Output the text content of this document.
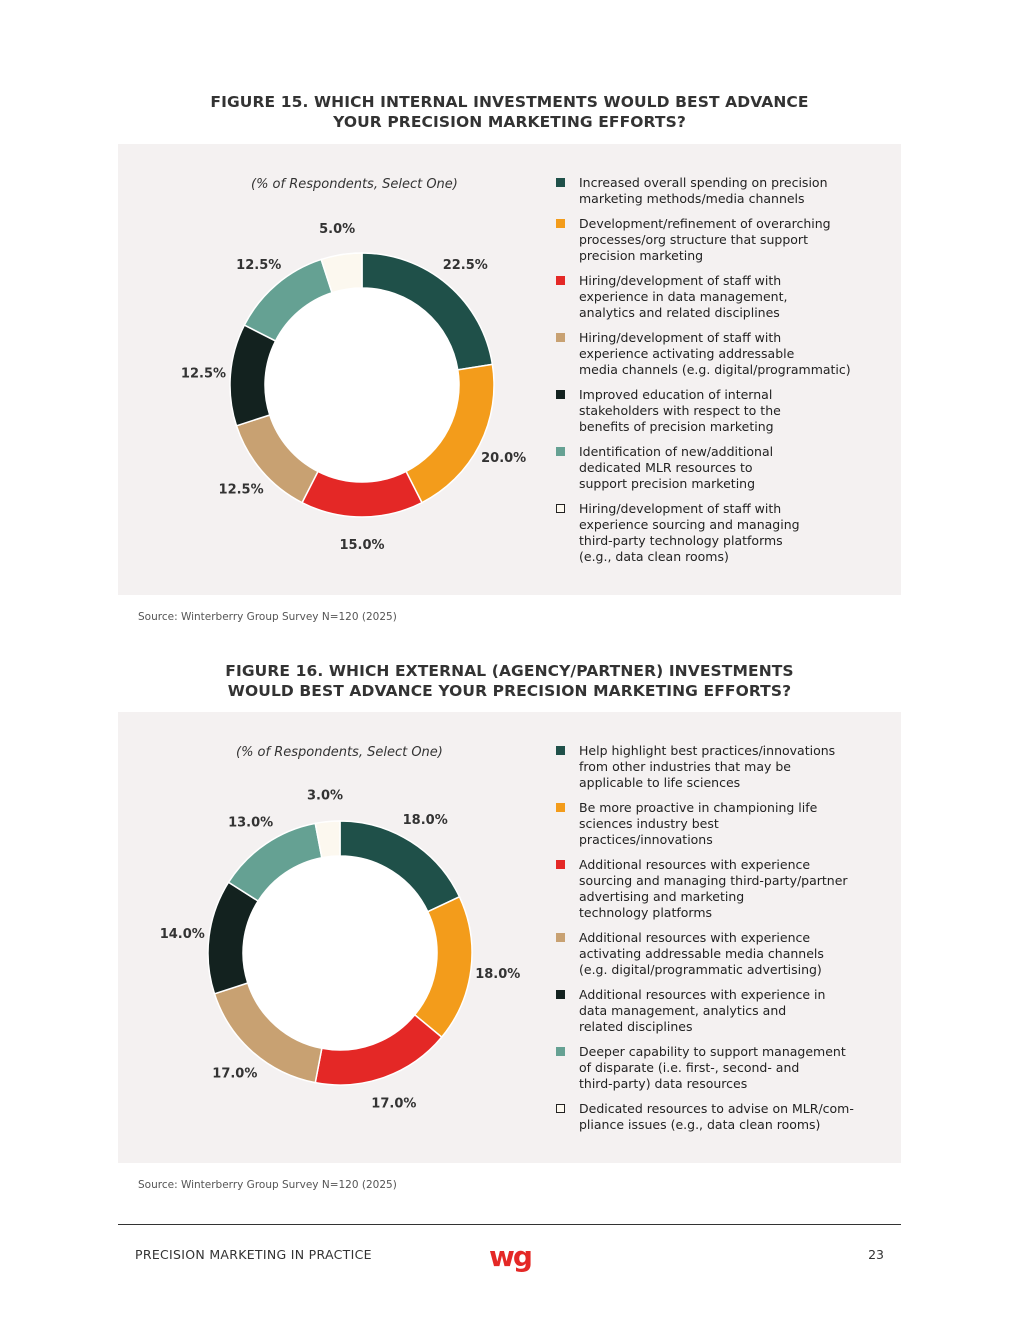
FIGURE 15. WHICH INTERNAL INVESTMENTS WOULD BEST ADVANCE
YOUR PRECISION MARKETING EFFORTS?
(% of Respondents, Select One)
22.5%
20.0%
15.0%
12.5%
12.5%
12.5%
5.0%
Increased overall spending on precision
marketing methods/media channels
Development/refinement of overarching
processes/org structure that support
precision marketing
Hiring/development of staff with
experience in data management,
analytics and related disciplines
Hiring/development of staff with
experience activating addressable
media channels (e.g. digital/programmatic)
Improved education of internal
stakeholders with respect to the
benefits of precision marketing
Identification of new/additional
dedicated MLR resources to
support precision marketing
Hiring/development of staff with
experience sourcing and managing
third-party technology platforms
(e.g., data clean rooms)
Source: Winterberry Group Survey N=120 (2025)
FIGURE 16. WHICH EXTERNAL (AGENCY/PARTNER) INVESTMENTS
WOULD BEST ADVANCE YOUR PRECISION MARKETING EFFORTS?
(% of Respondents, Select One)
18.0%
18.0%
17.0%
17.0%
14.0%
13.0%
3.0%
Help highlight best practices/innovations
from other industries that may be
applicable to life sciences
Be more proactive in championing life
sciences industry best
practices/innovations
Additional resources with experience
sourcing and managing third-party/partner
advertising and marketing
technology platforms
Additional resources with experience
activating addressable media channels
(e.g. digital/programmatic advertising)
Additional resources with experience in
data management, analytics and
related disciplines
Deeper capability to support management
of disparate (i.e. first-, second- and
third-party) data resources
Dedicated resources to advise on MLR/com-
pliance issues (e.g., data clean rooms)
Source: Winterberry Group Survey N=120 (2025)
PRECISION MARKETING IN PRACTICE	wg	23
